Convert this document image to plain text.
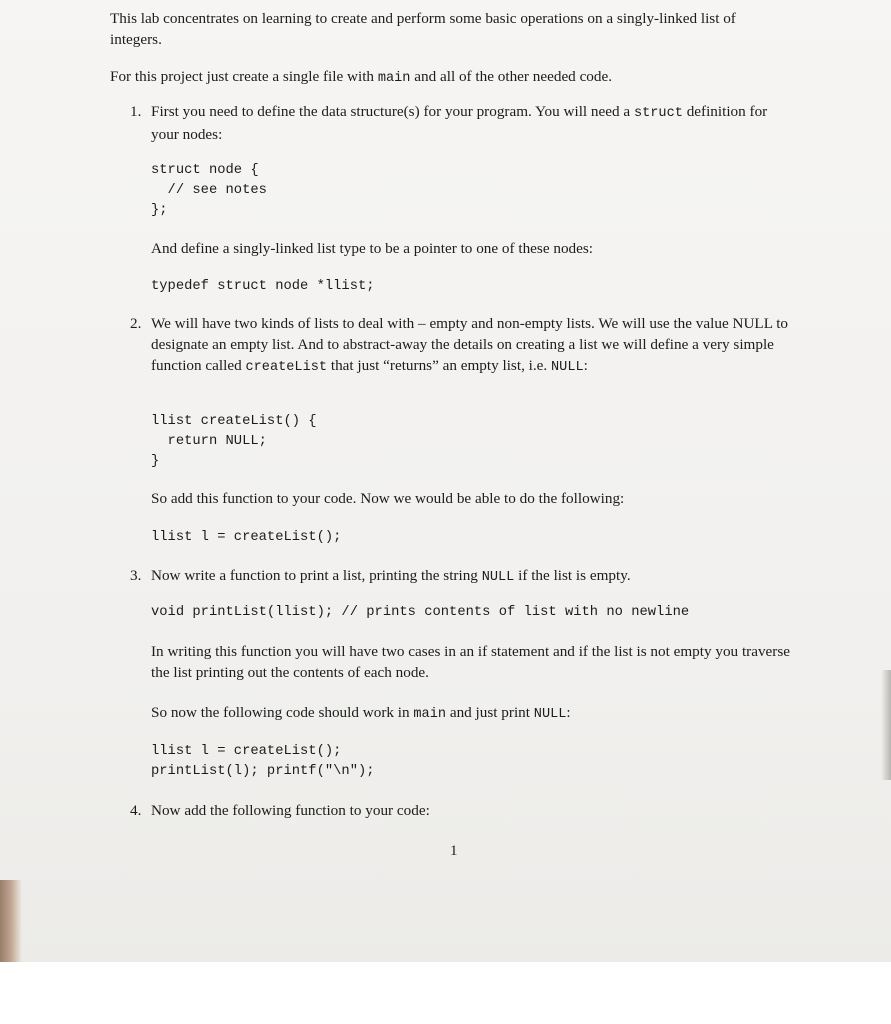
This lab concentrates on learning to create and perform some basic operations on a singly-linked list of integers.
For this project just create a single file with main and all of the other needed code.
1. First you need to define the data structure(s) for your program. You will need a struct definition for your nodes:
struct node {
// see notes
};
And define a singly-linked list type to be a pointer to one of these nodes:
typedef struct node *llist;
2. We will have two kinds of lists to deal with – empty and non-empty lists. We will use the value NULL to designate an empty list. And to abstract-away the details on creating a list we will define a very simple function called createList that just “returns” an empty list, i.e. NULL:
llist createList() {
return NULL;
}
So add this function to your code. Now we would be able to do the following:
llist l = createList();
3. Now write a function to print a list, printing the string NULL if the list is empty.
void printList(llist); // prints contents of list with no newline
In writing this function you will have two cases in an if statement and if the list is not empty you traverse the list printing out the contents of each node.
So now the following code should work in main and just print NULL:
llist l = createList();
printList(l); printf("\n");
4. Now add the following function to your code:
1
